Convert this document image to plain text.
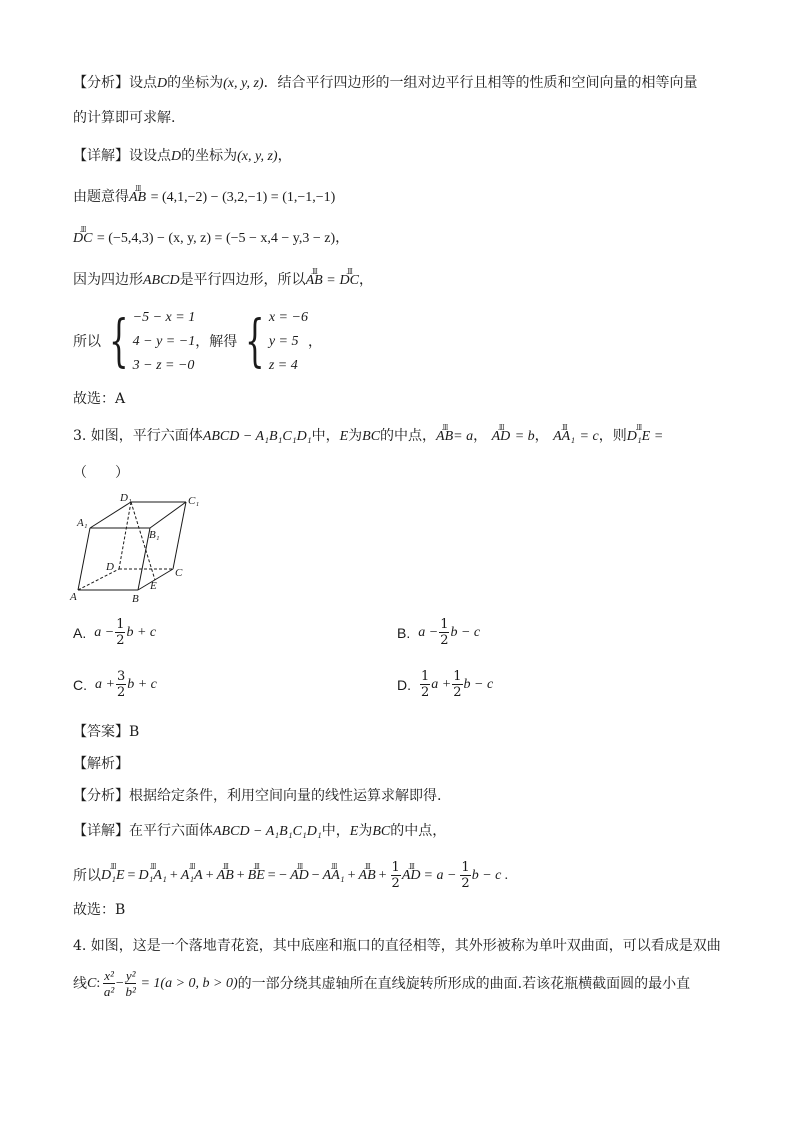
【分析】设点D的坐标为(x, y, z)．结合平行四边形的一组对边平行且相等的性质和空间向量的相等向量
的计算即可求解.
【详解】设设点D的坐标为(x, y, z)，
由题意得ɺɺɺ AB = (4,1,−2) − (3,2,−1) = (1,−1,−1)
ɺɺɺ DC = (−5,4,3) − (x, y, z) = (−5 − x,4 − y,3 − z)，
因为四边形ABCD是平行四边形，所以ɺɺɺ AB = ɺɺɺ DC，
所以 { −5 − x = 1
4 − y = −1
3 − z = −0
，解得 { x = −6
y = 5
z = 4
，
故选：A
3. 如图，平行六面体ABCD − A₁B₁C₁D₁中，E为BC的中点，ɺɺɺ AB= a， ɺɺɺ AD = b， ɺɺɺ AA₁ = c，则ɺɺɺ D₁E =
（　　）
D₁	C₁
A₁
B₁
D	C
E
A	B
A. $a - \frac{1}{2}$ b + c	B. $a - \frac{1}{2}$ b − c
C. $a + \frac{3}{2}$ b + c	D. $\frac{1}{2}$ $a + \frac{1}{2}$ b − c
【答案】B
【解析】
【分析】根据给定条件，利用空间向量的线性运算求解即得.
【详解】在平行六面体ABCD − A₁B₁C₁D₁中，E为BC的中点，
所以 ɺɺɺ D₁E = ɺɺɺ D₁A₁ + ɺɺɺ A₁A + ɺɺɺ AB + ɺɺɺ BE = − ɺɺɺ AD − ɺɺɺ AA₁ + ɺɺɺ AB + $\frac{1}{2}$ ɺɺɺ AD = $a - \frac{1}{2}$ b − c .
故选：B
4. 如图，这是一个落地青花瓷，其中底座和瓶口的直径相等，其外形被称为单叶双曲面，可以看成是双曲
线 C : $\frac{\text{x²}}{\text{a²}} - \frac{\text{y²}}{\text{b²}} = 1(a > 0$, b > 0) 的一部分绕其虚轴所在直线旋转所形成的曲面.若该花瓶横截面圆的最小直
